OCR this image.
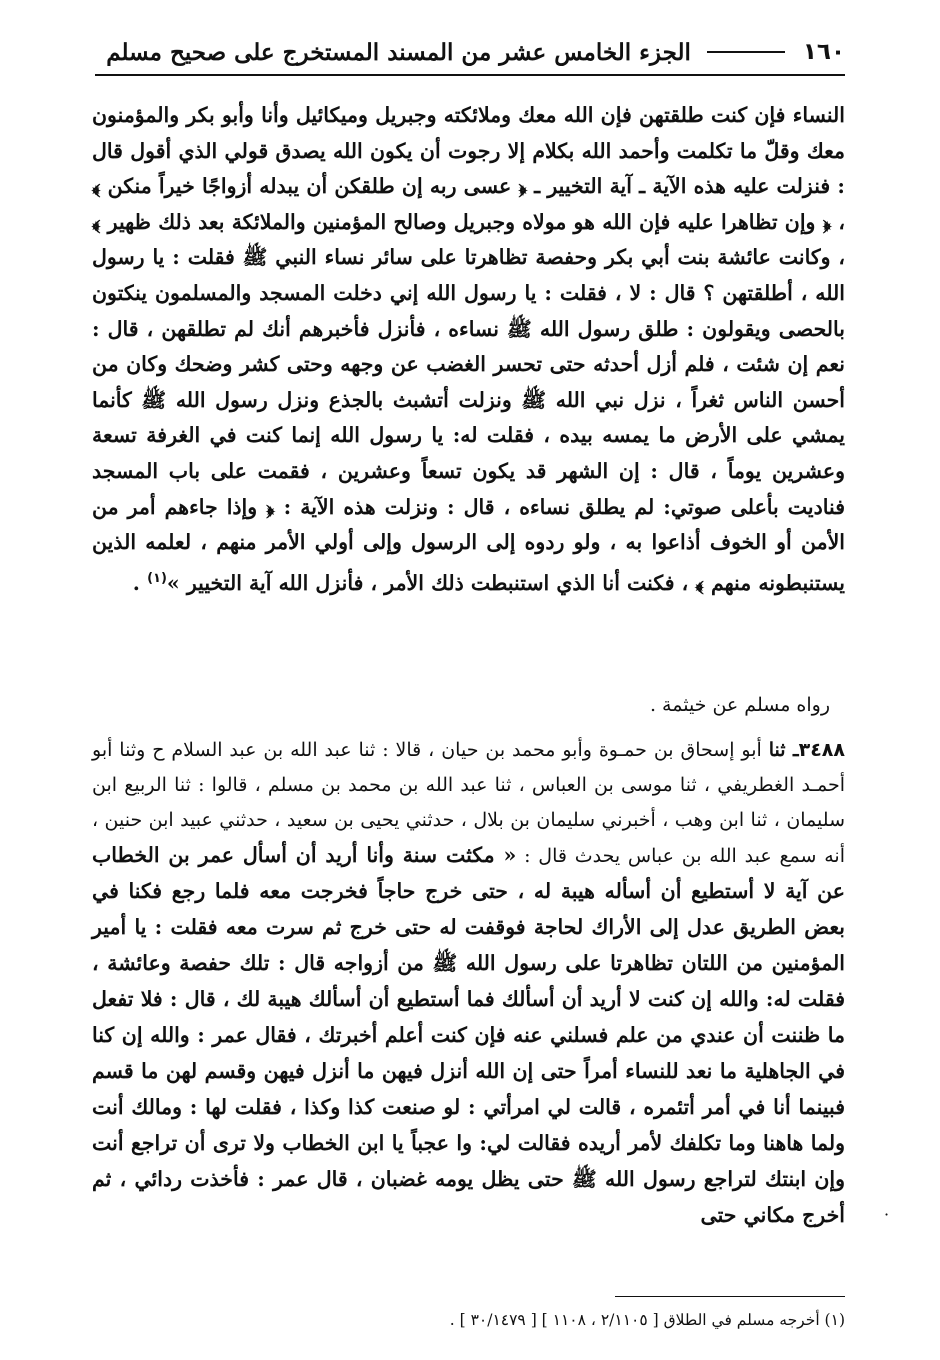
١٦٠
الجزء الخامس عشر من المسند المستخرج على صحيح مسلم

النساء فإن كنت طلقتهن فإن الله معك وملائكته وجبريل وميكائيل وأنا وأبو بكر والمؤمنون معك وقلّ ما تكلمت وأحمد الله بكلام إلا رجوت أن يكون الله يصدق قولي الذي أقول قال : فنزلت عليه هذه الآية ـ آية التخيير ـ ﴿ عسى ربه إن طلقكن أن يبدله أزواجًا خيراً منكن ﴾ ، ﴿ وإن تظاهرا عليه فإن الله هو مولاه وجبريل وصالح المؤمنين والملائكة بعد ذلك ظهير ﴾ ، وكانت عائشة بنت أبي بكر وحفصة تظاهرتا على سائر نساء النبي ﷺ فقلت : يا رسول الله ، أطلقتهن ؟ قال : لا ، فقلت : يا رسول الله إني دخلت المسجد والمسلمون ينكتون بالحصى ويقولون : طلق رسول الله ﷺ نساءه ، فأنزل فأخبرهم أنك لم تطلقهن ، قال : نعم إن شئت ، فلم أزل أحدثه حتى تحسر الغضب عن وجهه وحتى كشر وضحك وكان من أحسن الناس ثغراً ، نزل نبي الله ﷺ ونزلت أتشبث بالجذع ونزل رسول الله ﷺ كأنما يمشي على الأرض ما يمسه بيده ، فقلت له: يا رسول الله إنما كنت في الغرفة تسعة وعشرين يوماً ، قال : إن الشهر قد يكون تسعاً وعشرين ، فقمت على باب المسجد فناديت بأعلى صوتي: لم يطلق نساءه ، قال : ونزلت هذه الآية : ﴿ وإذا جاءهم أمر من الأمن أو الخوف أذاعوا به ، ولو ردوه إلى الرسول وإلى أولي الأمر منهم ، لعلمه الذين يستنبطونه منهم ﴾ ، فكنت أنا الذي استنبطت ذلك الأمر ، فأنزل الله آية التخيير »$^{(١)}$ .

رواه مسلم عن خيثمة .

٣٤٨٨ـ ثنا أبو إسحاق بن حمـوة وأبو محمد بن حيان ، قالا : ثنا عبد الله بن عبد السلام ح وثنا أبو أحمـد الغطريفي ، ثنا موسى بن العباس ، ثنا عبد الله بن محمد بن مسلم ، قالوا : ثنا الربيع ابن سليمان ، ثنا ابن وهب ، أخبرني سليمان بن بلال ، حدثني يحيى بن سعيد ، حدثني عبيد ابن حنين ، أنه سمع عبد الله بن عباس يحدث قال : « مكثت سنة وأنا أريد أن أسأل عمر بن الخطاب عن آية لا أستطيع أن أسأله هيبة له ، حتى خرج حاجاً فخرجت معه فلما رجع فكنا في بعض الطريق عدل إلى الأراك لحاجة فوقفت له حتى خرج ثم سرت معه فقلت : يا أمير المؤمنين من اللتان تظاهرتا على رسول الله ﷺ من أزواجه قال : تلك حفصة وعائشة ، فقلت له: والله إن كنت لا أريد أن أسألك فما أستطيع أن أسألك هيبة لك ، قال : فلا تفعل ما ظننت أن عندي من علم فسلني عنه فإن كنت أعلم أخبرتك ، فقال عمر : والله إن كنا في الجاهلية ما نعد للنساء أمراً حتى إن الله أنزل فيهن ما أنزل فيهن وقسم لهن ما قسم فبينما أنا في أمر أتئمره ، قالت لي امرأتي : لو صنعت كذا وكذا ، فقلت لها : ومالك أنت ولما هاهنا وما تكلفك لأمر أريده فقالت لي: وا عجباً يا ابن الخطاب ولا ترى أن تراجع أنت وإن ابنتك لتراجع رسول الله ﷺ حتى يظل يومه غضبان ، قال عمر : فأخذت ردائي ، ثم أخرج مكاني حتى ·
(١) أخرجه مسلم في الطلاق [ ٢/١١٠٥ ، ١١٠٨ ] [ ٣٠/١٤٧٩ ] .
